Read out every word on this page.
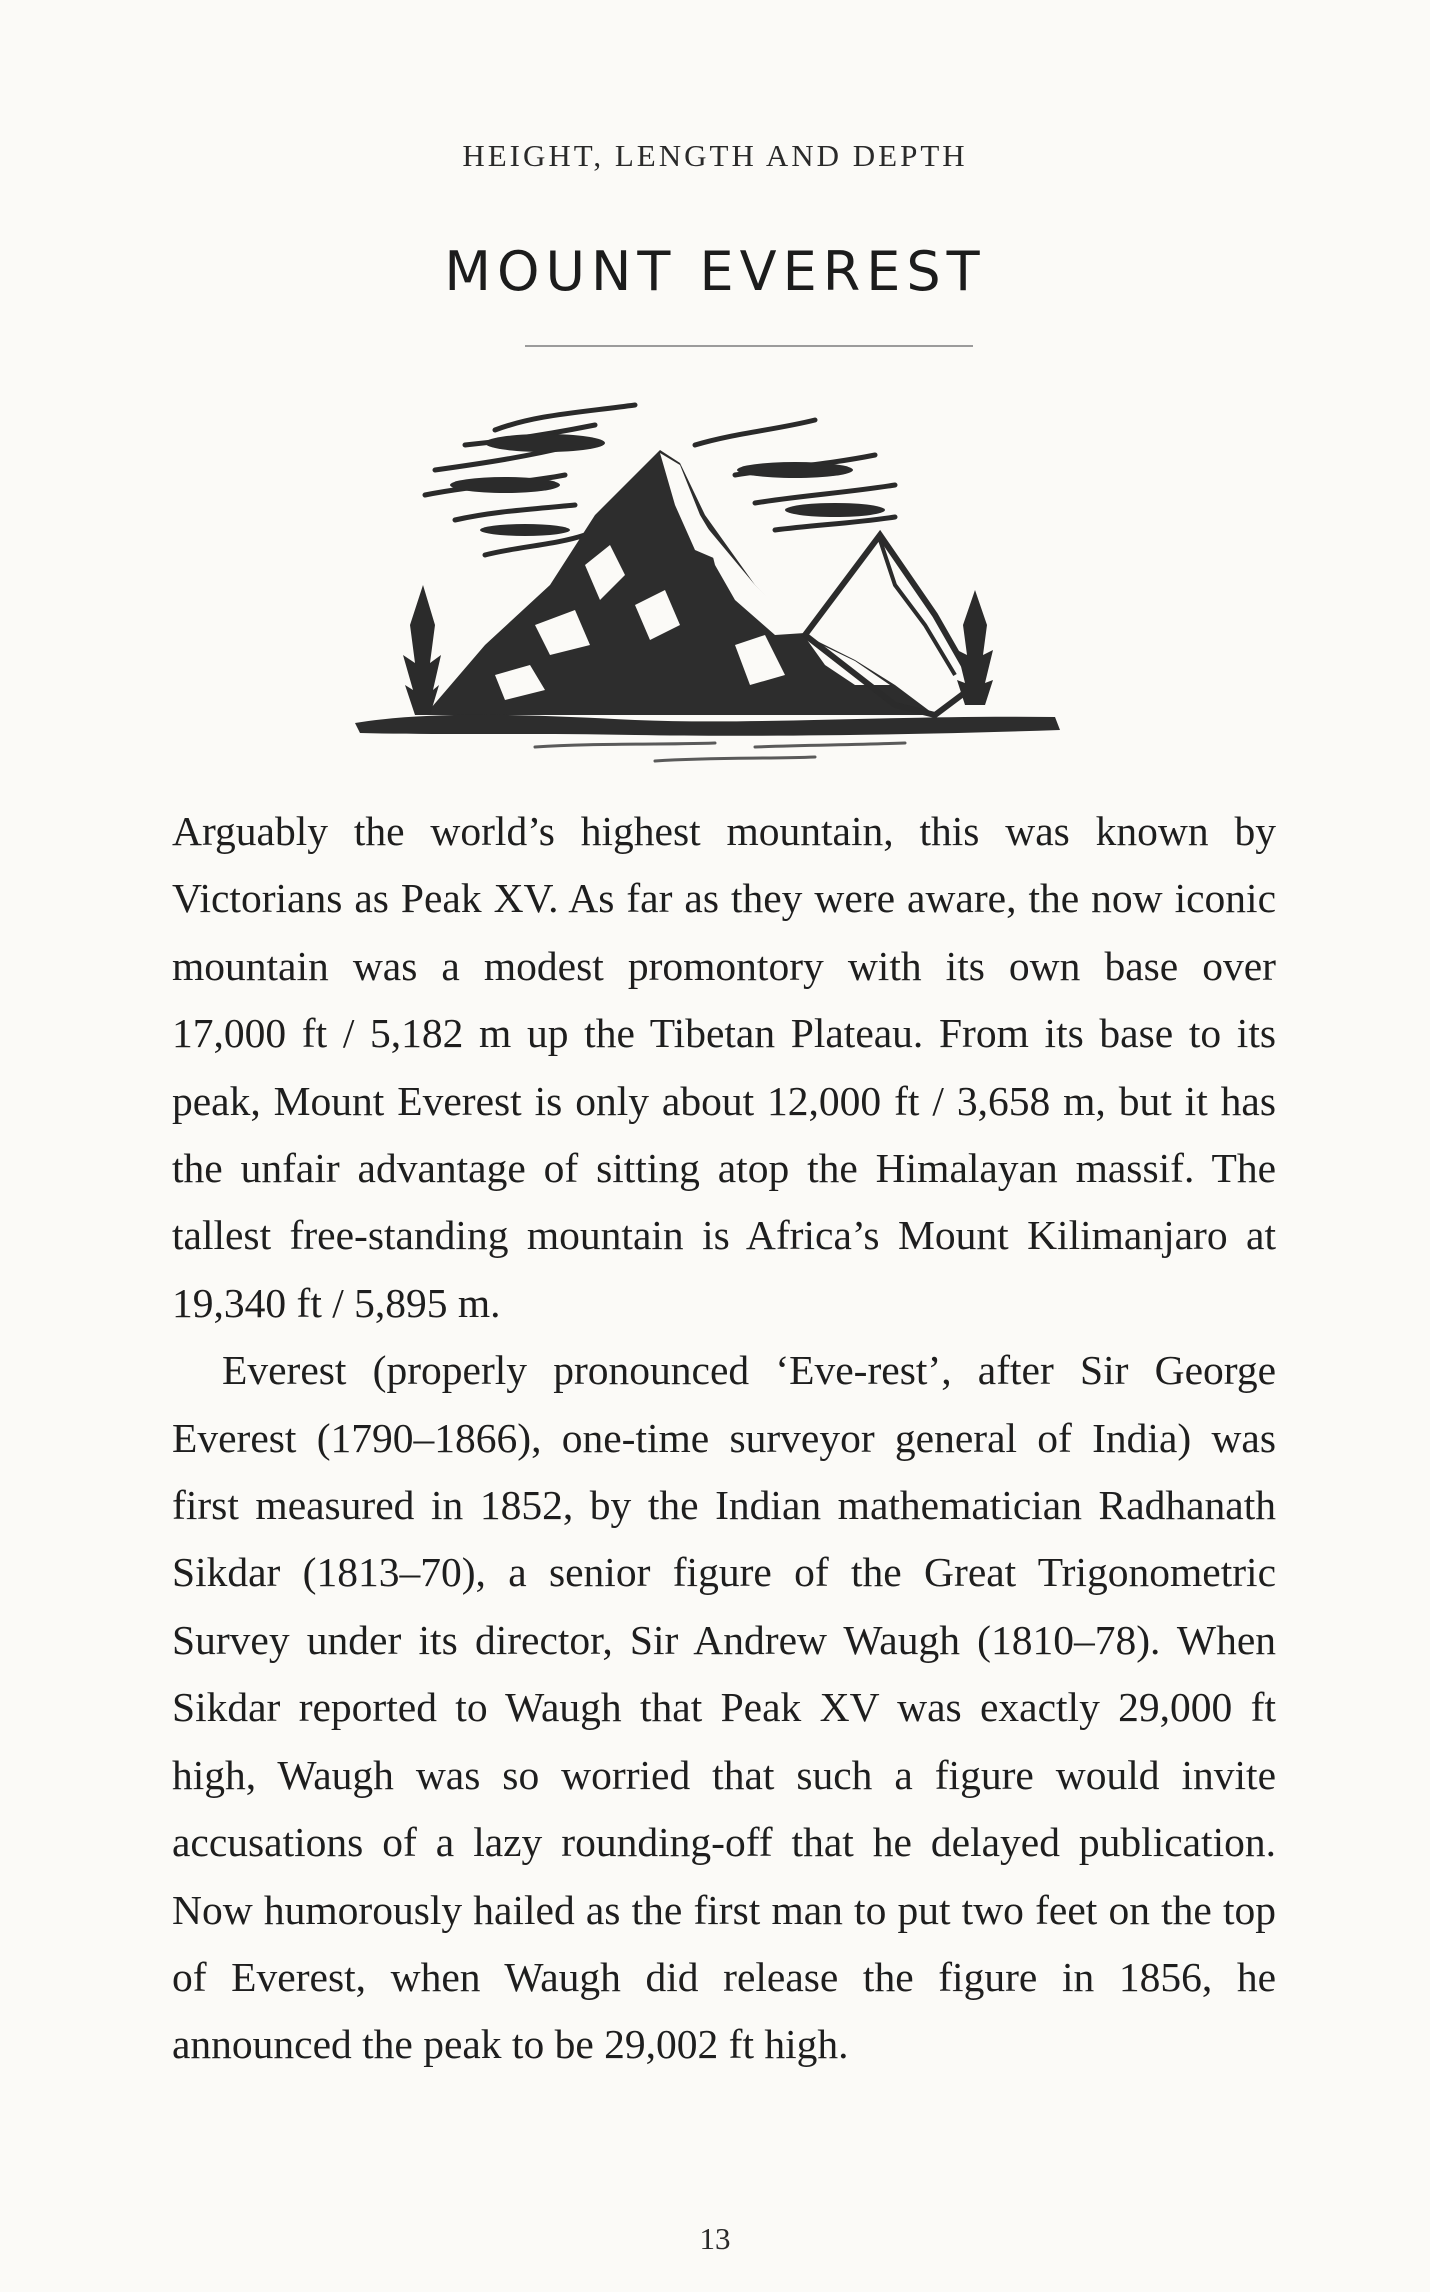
HEIGHT, LENGTH AND DEPTH
MOUNT EVEREST

Arguably the world’s highest mountain, this was known by Victorians as Peak XV. As far as they were aware, the now iconic mountain was a modest promontory with its own base over 17,000 ft / 5,182 m up the Tibetan Plateau. From its base to its peak, Mount Everest is only about 12,000 ft / 3,658 m, but it has the unfair advantage of sitting atop the Himalayan massif. The tallest free-standing mountain is Africa’s Mount Kilimanjaro at 19,340 ft / 5,895 m.

Everest (properly pronounced ‘Eve-rest’, after Sir George Everest (1790–1866), one-time surveyor general of India) was first measured in 1852, by the Indian mathematician Radhanath Sikdar (1813–70), a senior figure of the Great Trigonometric Survey under its director, Sir Andrew Waugh (1810–78). When Sikdar reported to Waugh that Peak XV was exactly 29,000 ft high, Waugh was so worried that such a figure would invite accusations of a lazy rounding-off that he delayed publication. Now humorously hailed as the first man to put two feet on the top of Everest, when Waugh did release the figure in 1856, he announced the peak to be 29,002 ft high.

13
